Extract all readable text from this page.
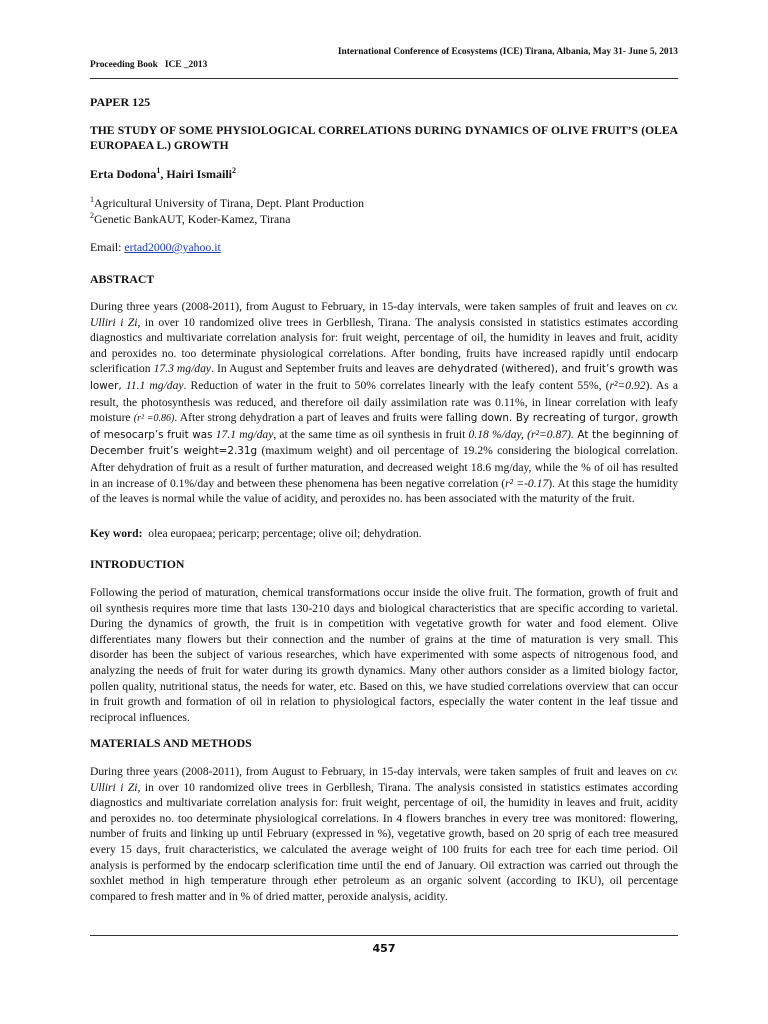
International Conference of Ecosystems (ICE) Tirana, Albania, May 31- June 5, 2013
Proceeding Book   ICE _2013
PAPER 125
THE STUDY OF SOME PHYSIOLOGICAL CORRELATIONS DURING DYNAMICS OF OLIVE FRUIT’S (OLEA EUROPAEA L.) GROWTH
Erta Dodona$^1$, Hairi Ismaili$^2$
$^1$Agricultural University of Tirana, Dept. Plant Production
$^2$Genetic BankAUT, Koder-Kamez, Tirana
Email: ertad2000@yahoo.it
ABSTRACT
During three years (2008-2011), from August to February, in 15-day intervals, were taken samples of fruit and leaves on cv. Ulliri i Zi, in over 10 randomized olive trees in Gerbllesh, Tirana. The analysis consisted in statistics estimates according diagnostics and multivariate correlation analysis for: fruit weight, percentage of oil, the humidity in leaves and fruit, acidity and peroxides no. too determinate physiological correlations. After bonding, fruits have increased rapidly until endocarp sclerification 17.3 mg/day. In August and September fruits and leaves are dehydrated (withered), and fruit’s growth was lower, 11.1 mg/day. Reduction of water in the fruit to 50% correlates linearly with the leafy content 55%, (r²=0.92). As a result, the photosynthesis was reduced, and therefore oil daily assimilation rate was 0.11%, in linear correlation with leafy moisture (r² =0.86). After strong dehydration a part of leaves and fruits were falling down. By recreating of turgor, growth of mesocarp’s fruit was 17.1 mg/day, at the same time as oil synthesis in fruit 0.18 %/day, (r²=0.87). At the beginning of December fruit’s weight=2.31g (maximum weight) and oil percentage of 19.2% considering the biological correlation. After dehydration of fruit as a result of further maturation, and decreased weight 18.6 mg/day, while the % of oil has resulted in an increase of 0.1%/day and between these phenomena has been negative correlation (r² =-0.17). At this stage the humidity of the leaves is normal while the value of acidity, and peroxides no. has been associated with the maturity of the fruit.
Key word:  olea europaea; pericarp; percentage; olive oil; dehydration.
INTRODUCTION
Following the period of maturation, chemical transformations occur inside the olive fruit. The formation, growth of fruit and oil synthesis requires more time that lasts 130-210 days and biological characteristics that are specific according to varietal. During the dynamics of growth, the fruit is in competition with vegetative growth for water and food element. Olive differentiates many flowers but their connection and the number of grains at the time of maturation is very small. This disorder has been the subject of various researches, which have experimented with some aspects of nitrogenous food, and analyzing the needs of fruit for water during its growth dynamics. Many other authors consider as a limited biology factor, pollen quality, nutritional status, the needs for water, etc. Based on this, we have studied correlations overview that can occur in fruit growth and formation of oil in relation to physiological factors, especially the water content in the leaf tissue and reciprocal influences.
MATERIALS AND METHODS
During three years (2008-2011), from August to February, in 15-day intervals, were taken samples of fruit and leaves on cv. Ulliri i Zi, in over 10 randomized olive trees in Gerbllesh, Tirana. The analysis consisted in statistics estimates according diagnostics and multivariate correlation analysis for: fruit weight, percentage of oil, the humidity in leaves and fruit, acidity and peroxides no. too determinate physiological correlations. In 4 flowers branches in every tree was monitored: flowering, number of fruits and linking up until February (expressed in %), vegetative growth, based on 20 sprig of each tree measured every 15 days, fruit characteristics, we calculated the average weight of 100 fruits for each tree for each time period. Oil analysis is performed by the endocarp sclerification time until the end of January. Oil extraction was carried out through the soxhlet method in high temperature through ether petroleum as an organic solvent (according to IKU), oil percentage compared to fresh matter and in % of dried matter, peroxide analysis, acidity.
457
